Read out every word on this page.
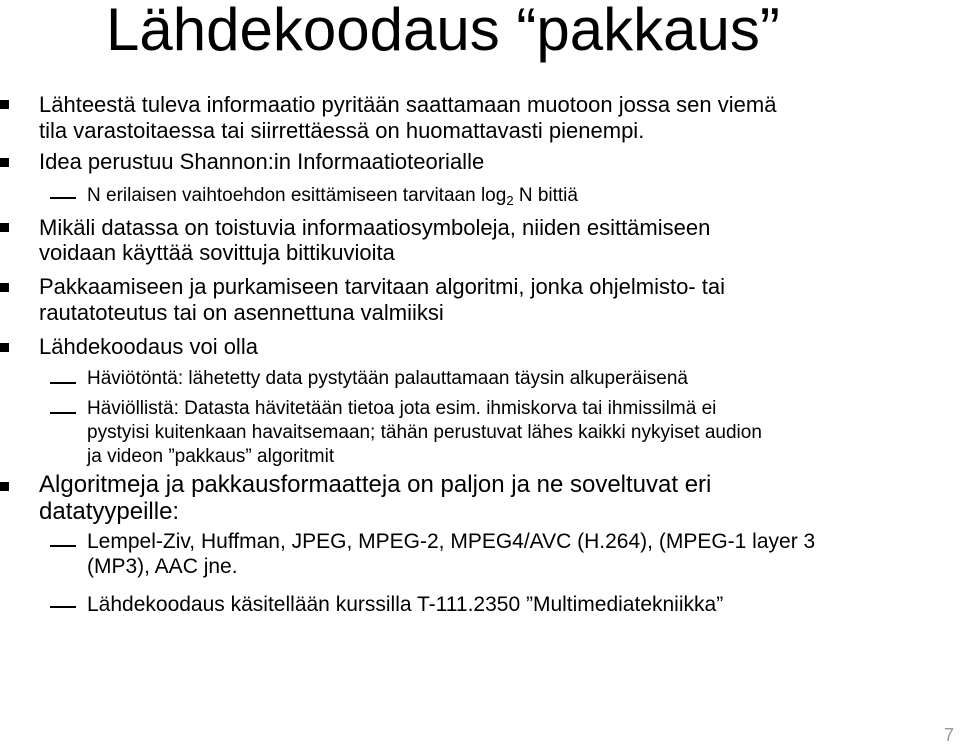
Lähdekoodaus “pakkaus”
Lähteestä tuleva informaatio pyritään saattamaan muotoon jossa sen viemä
tila varastoitaessa tai siirrettäessä on huomattavasti pienempi.
Idea perustuu Shannon:in Informaatioteorialle
N erilaisen vaihtoehdon esittämiseen tarvitaan $\log_2 N$ bittiä
Mikäli datassa on toistuvia informaatiosymboleja, niiden esittämiseen
voidaan käyttää sovittuja bittikuvioita
Pakkaamiseen ja purkamiseen tarvitaan algoritmi, jonka ohjelmisto- tai
rautatoteutus tai on asennettuna valmiiksi
Lähdekoodaus voi olla
Häviötöntä: lähetetty data pystytään palauttamaan täysin alkuperäisenä
Häviöllistä: Datasta hävitetään tietoa jota esim. ihmiskorva tai ihmissilmä ei
pystyisi kuitenkaan havaitsemaan; tähän perustuvat lähes kaikki nykyiset audion
ja videon ”pakkaus” algoritmit
Algoritmeja ja pakkausformaatteja on paljon ja ne soveltuvat eri
datatyypeille:
Lempel-Ziv, Huffman, JPEG, MPEG-2, MPEG4/AVC (H.264), (MPEG-1 layer 3
(MP3), AAC jne.
Lähdekoodaus käsitellään kurssilla T-111.2350 ”Multimediatekniikka”
7
